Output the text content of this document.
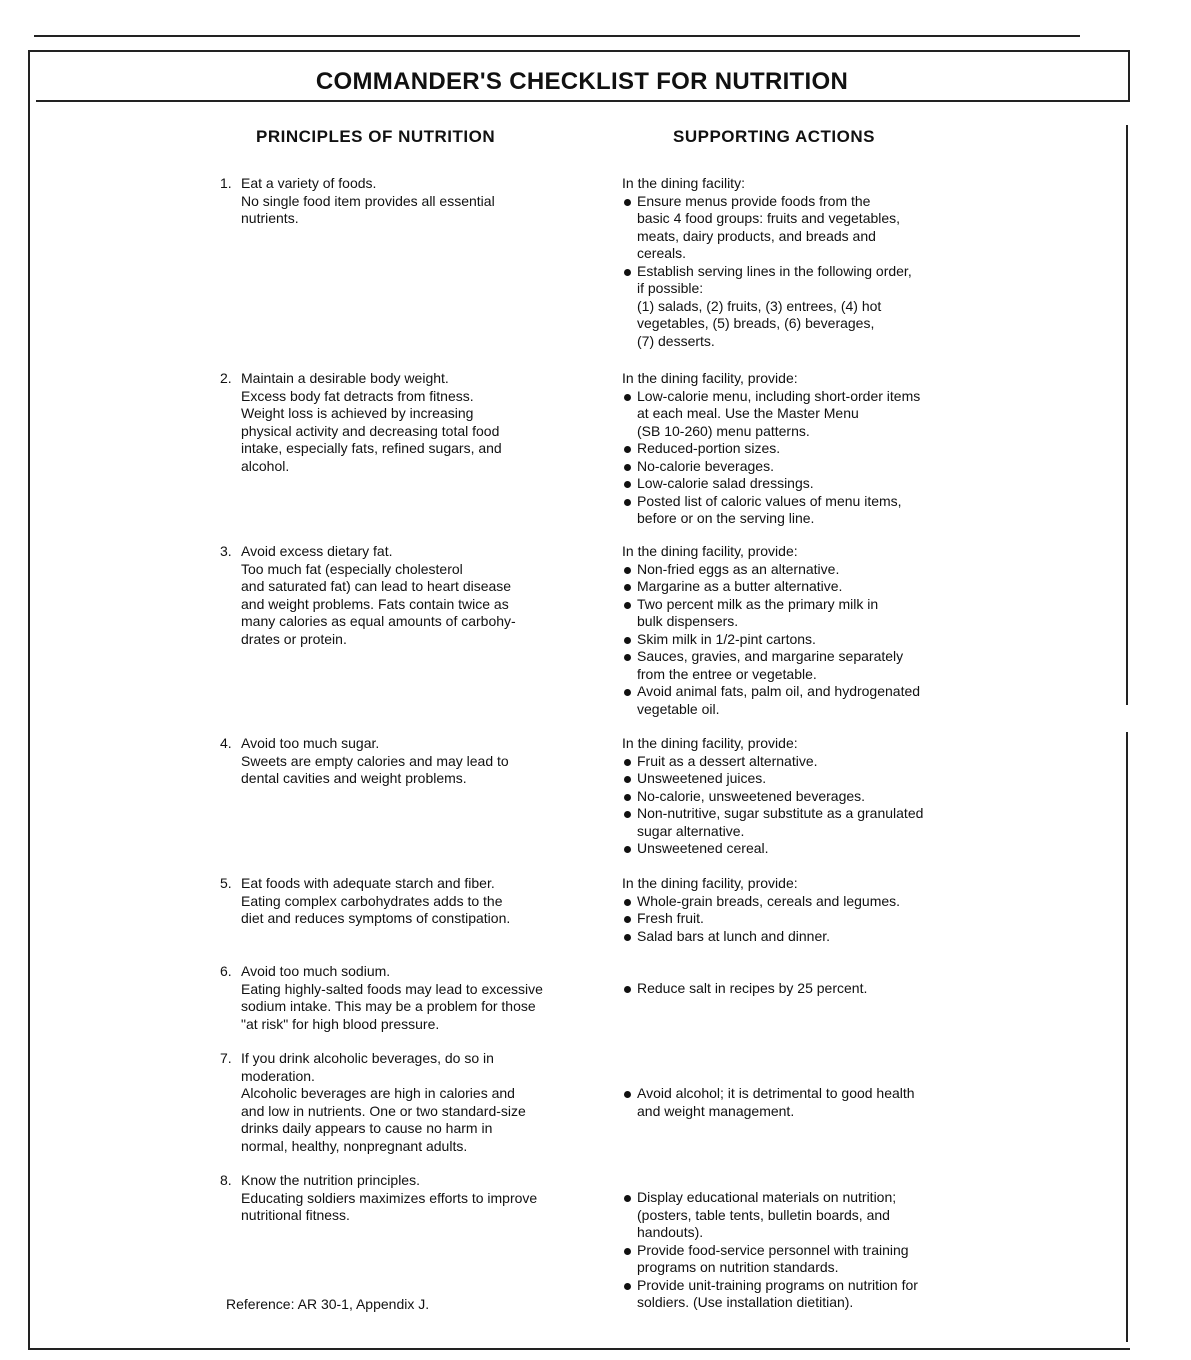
COMMANDER'S CHECKLIST FOR NUTRITION
PRINCIPLES OF NUTRITION	SUPPORTING ACTIONS
1. Eat a variety of foods.
No single food item provides all essential
nutrients.
2. Maintain a desirable body weight.
Excess body fat detracts from fitness.
Weight loss is achieved by increasing
physical activity and decreasing total food
intake, especially fats, refined sugars, and
alcohol.
3. Avoid excess dietary fat.
Too much fat (especially cholesterol
and saturated fat) can lead to heart disease
and weight problems. Fats contain twice as
many calories as equal amounts of carbohy-
drates or protein.
4. Avoid too much sugar.
Sweets are empty calories and may lead to
dental cavities and weight problems.
5. Eat foods with adequate starch and fiber.
Eating complex carbohydrates adds to the
diet and reduces symptoms of constipation.
6. Avoid too much sodium.
Eating highly-salted foods may lead to excessive
sodium intake. This may be a problem for those
"at risk" for high blood pressure.
7. If you drink alcoholic beverages, do so in
moderation.
Alcoholic beverages are high in calories and
and low in nutrients. One or two standard-size
drinks daily appears to cause no harm in
normal, healthy, nonpregnant adults.
8. Know the nutrition principles.
Educating soldiers maximizes efforts to improve
nutritional fitness.
In the dining facility:
Ensure menus provide foods from the
basic 4 food groups: fruits and vegetables,
meats, dairy products, and breads and
cereals.
Establish serving lines in the following order,
if possible:
(1) salads, (2) fruits, (3) entrees, (4) hot
vegetables, (5) breads, (6) beverages,
(7) desserts.
In the dining facility, provide:
Low-calorie menu, including short-order items
at each meal. Use the Master Menu
(SB 10-260) menu patterns.
Reduced-portion sizes.
No-calorie beverages.
Low-calorie salad dressings.
Posted list of caloric values of menu items,
before or on the serving line.
In the dining facility, provide:
Non-fried eggs as an alternative.
Margarine as a butter alternative.
Two percent milk as the primary milk in
bulk dispensers.
Skim milk in 1/2-pint cartons.
Sauces, gravies, and margarine separately
from the entree or vegetable.
Avoid animal fats, palm oil, and hydrogenated
vegetable oil.
In the dining facility, provide:
Fruit as a dessert alternative.
Unsweetened juices.
No-calorie, unsweetened beverages.
Non-nutritive, sugar substitute as a granulated
sugar alternative.
Unsweetened cereal.
In the dining facility, provide:
Whole-grain breads, cereals and legumes.
Fresh fruit.
Salad bars at lunch and dinner.
Reduce salt in recipes by 25 percent.
Avoid alcohol; it is detrimental to good health
and weight management.
Display educational materials on nutrition;
(posters, table tents, bulletin boards, and
handouts).
Provide food-service personnel with training
programs on nutrition standards.
Provide unit-training programs on nutrition for
soldiers. (Use installation dietitian).
Reference: AR 30-1, Appendix J.
